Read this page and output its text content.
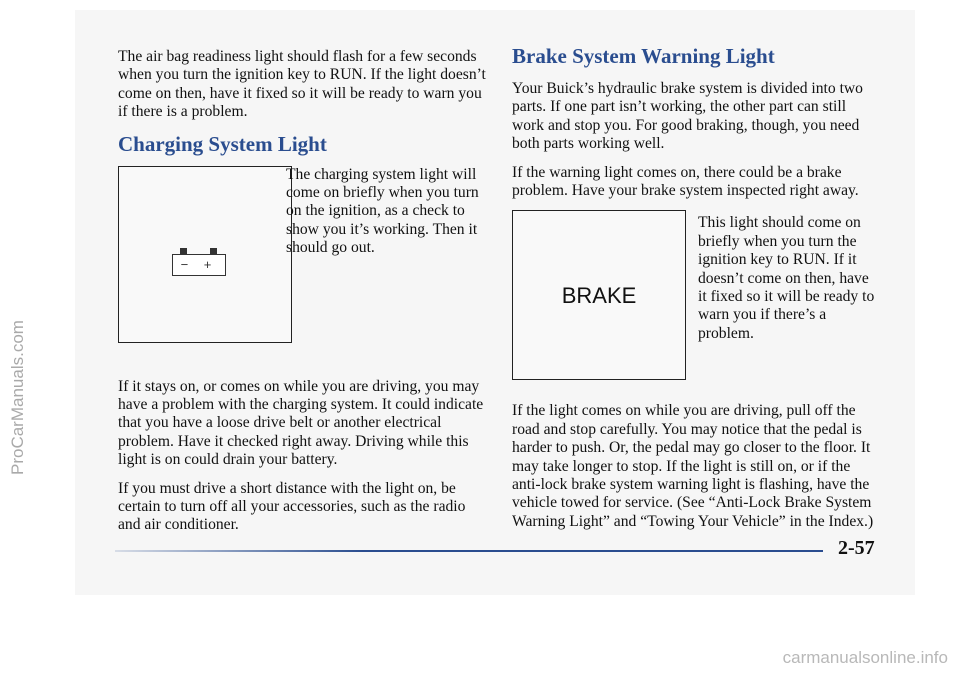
The air bag readiness light should flash for a few seconds when you turn the ignition key to RUN. If the light doesn’t come on then, have it fixed so it will be ready to warn you if there is a problem.

Charging System Light
− +
The charging system light will come on briefly when you turn on the ignition, as a check to show you it’s working. Then it should go out.

If it stays on, or comes on while you are driving, you may have a problem with the charging system. It could indicate that you have a loose drive belt or another electrical problem. Have it checked right away. Driving while this light is on could drain your battery.

If you must drive a short distance with the light on, be certain to turn off all your accessories, such as the radio and air conditioner.

Brake System Warning Light

Your Buick’s hydraulic brake system is divided into two parts. If one part isn’t working, the other part can still work and stop you. For good braking, though, you need both parts working well.

If the warning light comes on, there could be a brake problem. Have your brake system inspected right away.

BRAKE
This light should come on briefly when you turn the ignition key to RUN. If it doesn’t come on then, have it fixed so it will be ready to warn you if there’s a problem.

If the light comes on while you are driving, pull off the road and stop carefully. You may notice that the pedal is harder to push. Or, the pedal may go closer to the floor. It may take longer to stop. If the light is still on, or if the anti-lock brake system warning light is flashing, have the vehicle towed for service. (See “Anti-Lock Brake System Warning Light” and “Towing Your Vehicle” in the Index.)

2-57
ProCarManuals.com
carmanualsonline.info
